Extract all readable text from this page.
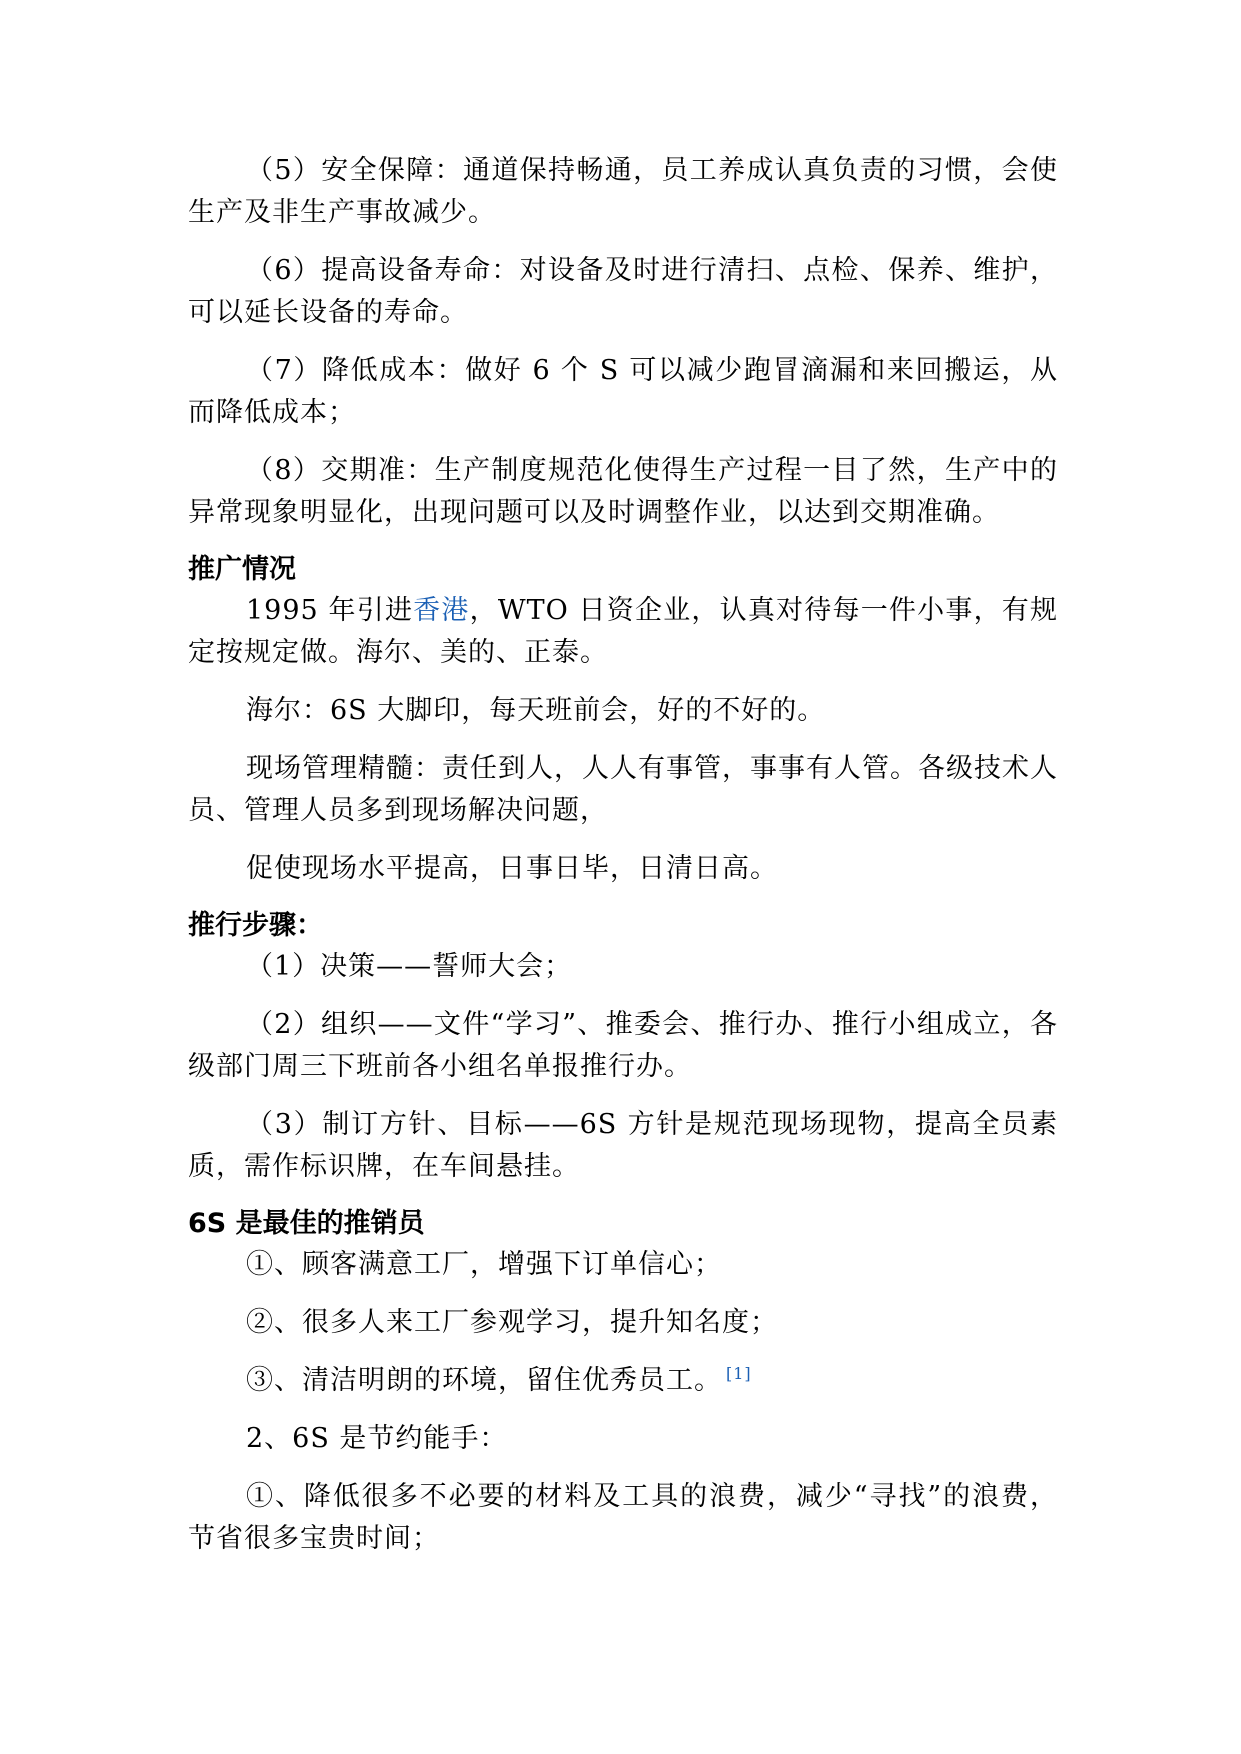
（5）安全保障：通道保持畅通，员工养成认真负责的习惯，会使生产及非生产事故减少。

（6）提高设备寿命：对设备及时进行清扫、点检、保养、维护，可以延长设备的寿命。

（7）降低成本：做好 6 个 S 可以减少跑冒滴漏和来回搬运，从而降低成本；

（8）交期准：生产制度规范化使得生产过程一目了然，生产中的异常现象明显化，出现问题可以及时调整作业，以达到交期准确。

推广情况

1995 年引进香港，WTO 日资企业，认真对待每一件小事，有规定按规定做。海尔、美的、正泰。

海尔：6S 大脚印，每天班前会，好的不好的。

现场管理精髓：责任到人，人人有事管，事事有人管。各级技术人员、管理人员多到现场解决问题，

促使现场水平提高，日事日毕，日清日高。

推行步骤：

（1）决策——誓师大会；

（2）组织——文件“学习”、推委会、推行办、推行小组成立，各级部门周三下班前各小组名单报推行办。

（3）制订方针、目标——6S 方针是规范现场现物，提高全员素质，需作标识牌，在车间悬挂。

6S 是最佳的推销员

①、顾客满意工厂，增强下订单信心；

②、很多人来工厂参观学习，提升知名度；

③、清洁明朗的环境，留住优秀员工。 [1]

2、6S 是节约能手：

①、降低很多不必要的材料及工具的浪费，减少“寻找”的浪费，节省很多宝贵时间；
